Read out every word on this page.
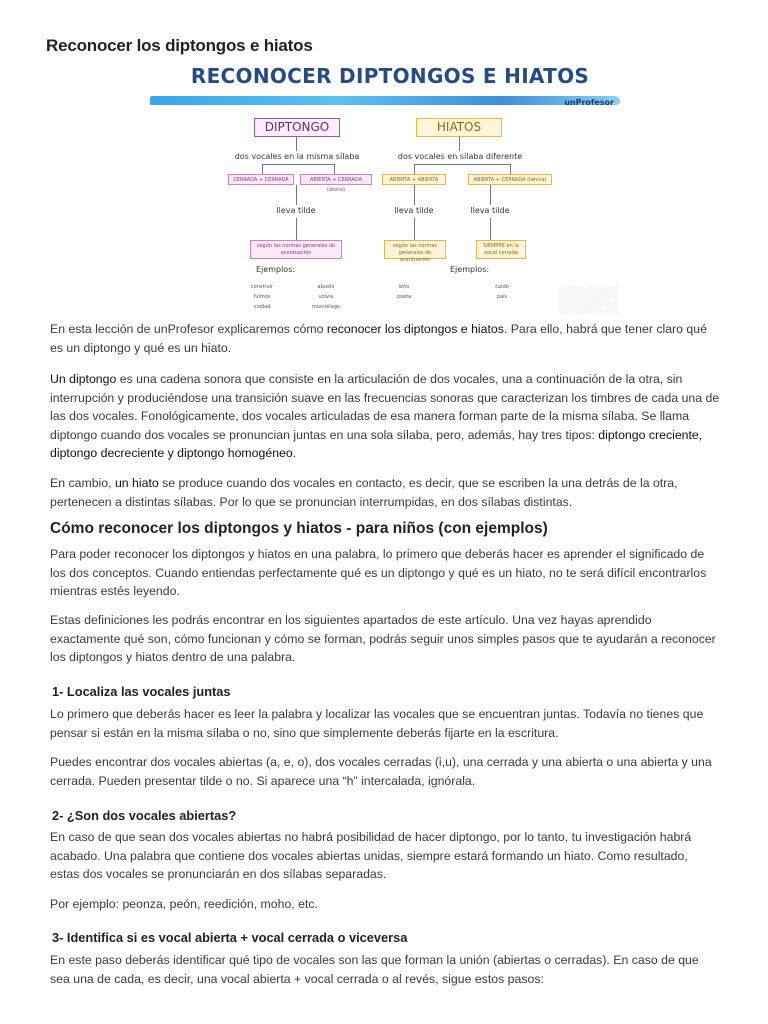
Reconocer los diptongos e hiatos
RECONOCER DIPTONGOS E HIATOS
unProfesor
DIPTONGO
dos vocales en la misma sílaba
CERRADA + CERRADA	ABIERTA + CERRADA (átona)
lleva tilde
según las normas generales de acentuación
Ejemplos:
construir
fuimos
ciudad
abuelo
volvía
murciélago
HIATOS
dos vocales en sílaba diferente
ABIERTA + ABIERTA	ABIERTA + CERRADA (tónica)
lleva tilde	lleva tilde
según las normas generales de acentuación
SIEMPRE en la vocal cerrada
Ejemplos:
leño
poeta
caído
país

En esta lección de unProfesor explicaremos cómo reconocer los diptongos e hiatos. Para ello, habrá que tener claro qué es un diptongo y qué es un hiato.

Un diptongo es una cadena sonora que consiste en la articulación de dos vocales, una a continuación de la otra, sin interrupción y produciéndose una transición suave en las frecuencias sonoras que caracterizan los timbres de cada una de las dos vocales. Fonológicamente, dos vocales articuladas de esa manera forman parte de la misma sílaba. Se llama diptongo cuando dos vocales se pronuncian juntas en una sola sílaba, pero, además, hay tres tipos: diptongo creciente, diptongo decreciente y diptongo homogéneo.

En cambio, un hiato se produce cuando dos vocales en contacto, es decir, que se escriben la una detrás de la otra, pertenecen a distintas sílabas. Por lo que se pronuncian interrumpidas, en dos sílabas distintas.

Cómo reconocer los diptongos y hiatos - para niños (con ejemplos)

Para poder reconocer los diptongos y hiatos en una palabra, lo primero que deberás hacer es aprender el significado de los dos conceptos. Cuando entiendas perfectamente qué es un diptongo y qué es un hiato, no te será difícil encontrarlos mientras estés leyendo.

Estas definiciones les podrás encontrar en los siguientes apartados de este artículo. Una vez hayas aprendido exactamente qué son, cómo funcionan y cómo se forman, podrás seguir unos simples pasos que te ayudarán a reconocer los diptongos y hiatos dentro de una palabra.

1- Localiza las vocales juntas

Lo primero que deberás hacer es leer la palabra y localizar las vocales que se encuentran juntas. Todavía no tienes que pensar si están en la misma sílaba o no, sino que simplemente deberás fijarte en la escritura.

Puedes encontrar dos vocales abiertas (a, e, o), dos vocales cerradas (i,u), una cerrada y una abierta o una abierta y una cerrada. Pueden presentar tilde o no. Si aparece una “h” intercalada, ignórala.

2- ¿Son dos vocales abiertas?

En caso de que sean dos vocales abiertas no habrá posibilidad de hacer diptongo, por lo tanto, tu investigación habrá acabado. Una palabra que contiene dos vocales abiertas unidas, siempre estará formando un hiato. Como resultado, estas dos vocales se pronunciarán en dos sílabas separadas.

Por ejemplo: peonza, peón, reedición, moho, etc.

3- Identifica si es vocal abierta + vocal cerrada o viceversa

En este paso deberás identificar qué tipo de vocales son las que forman la unión (abiertas o cerradas). En caso de que sea una de cada, es decir, una vocal abierta + vocal cerrada o al revés, sigue estos pasos:
